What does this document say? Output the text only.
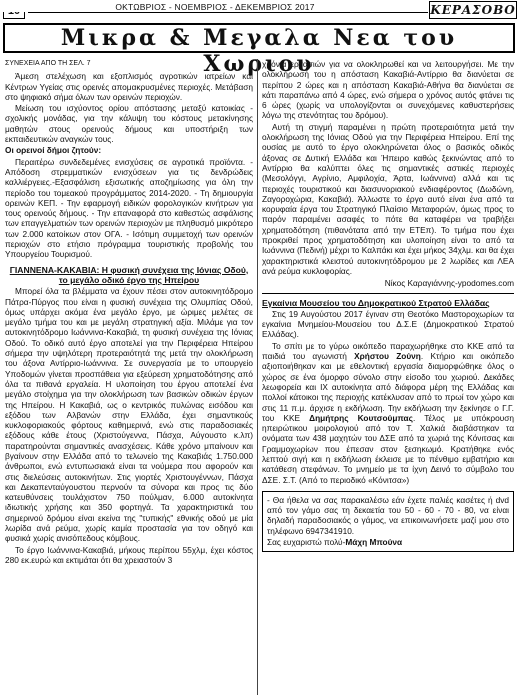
ΟΚΤΩΒΡΙΟΣ - ΝΟΕΜΒΡΙΟΣ - ΔΕΚΕΜΒΡΙΟΣ 2017	ΚΕΡΑΣΟΒΟ
Μικρα & Μεγαλα Νεα του Χωριου

ΣΥΝΕΧΕΙΑ ΑΠΟ ΤΗ ΣΕΛ. 7

Άμεση στελέχωση και εξοπλισμός αγροτικών ιατρείων και Κέντρων Υγείας στις ορεινές απομακρυσμένες περιοχές. Μετάβαση στο ψηφιακό σήμα όλων των ορεινών περιοχών.

Μείωση του ισχύοντος ορίου απόστασης μεταξύ κατοικίας - σχολικής μονάδας, για την κάλυψη του κόστους μετακίνησης μαθητών στους ορεινούς δήμους και υποστήριξη των εκπαιδευτικών αναγκών τους.

Οι ορεινοί δήμοι ζητούν:

Περαιτέρω συνδεδεμένες ενισχύσεις σε αγροτικά προϊόντα. - Απόδοση στρεμματικών ενισχύσεων για τις δενδρώδεις καλλιέργειες.-Εξασφάλιση εξισωτικής αποζημίωσης για όλη την περίοδο του τομεακού προγράμματος 2014-2020. - Τη δημιουργία ορεινών ΚΕΠ. - Την εφαρμογή ειδικών φορολογικών κινήτρων για τους ορεινούς δήμους. - Την επαναφορά στο καθεστώς ασφάλισης των επαγγελματιών των ορεινών περιοχών με πληθυσμό μικρότερο των 2.000 κατοίκων στον ΟΓΑ. - Ισότιμη συμμετοχή των ορεινών περιοχών στο ετήσιο πρόγραμμα τουριστικής προβολής του Υπουργείου Τουρισμού.

ΓΙΑΝΝΕΝΑ-ΚΑΚΑΒΙΑ: Η φυσική συνέχεια της Ιόνιας Οδού, το μεγάλο οδικό έργο της Ηπείρου

Μπορεί όλα τα βλέμματα να έχουν πέσει στον αυτοκινητόδρομο Πάτρα-Πύργος που είναι η φυσική συνέχεια της Ολυμπίας Οδού, όμως υπάρχει ακόμα ένα μεγάλο έργο, με ώριμες μελέτες σε μεγάλο τμήμα του και με μεγάλη στρατηγική αξία. Μιλάμε για τον αυτοκινητόδρομο Ιωάννινα-Κακαβιά, τη φυσική συνέχεια της Ιόνιας Οδού. Το οδικό αυτό έργο αποτελεί για την Περιφέρεια Ηπείρου σήμερα την υψηλότερη προτεραιότητά της μετά την ολοκλήρωση του άξονα Αντίρριο-Ιωάννινα. Σε συνεργασία με το υπουργείο Υποδομών γίνεται προσπάθεια για εξεύρεση χρηματοδότησης από όλα τα πιθανά εργαλεία. Η υλοποίηση του έργου αποτελεί ένα μεγάλο στοίχημα για την ολοκλήρωση των βασικών οδικών έργων της Ηπείρου. Η Κακαβιά, ως ο κεντρικός πυλώνας εισόδου και εξόδου των Αλβανών στην Ελλάδα, έχει σημαντικούς κυκλοφοριακούς φόρτους καθημερινά, ενώ στις παραδοσιακές εξόδους κάθε έτους (Χριστούγεννα, Πάσχα, Αύγουστο κ.λπ) παρατηρούνται σημαντικές ανασχέσεις. Κάθε χρόνο μπαίνουν και βγαίνουν στην Ελλάδα από το τελωνείο της Κακαβιάς 1.750.000 άνθρωποι, ενώ εντυπωσιακά είναι τα νούμερα που αφορούν και στις διελεύσεις αυτοκινήτων. Στις γιορτές Χριστουγέννων, Πάσχα και Δεκαπενταύγουστου περνούν τα σύνορα και προς τις δύο κατευθύνσεις τουλάχιστον 750 πούλμαν, 6.000 αυτοκίνητα ιδιωτικής χρήσης και 350 φορτηγά. Τα χαρακτηριστικά του σημερινού δρόμου είναι εκείνα της "τυπικής" εθνικής οδού με μία λωρίδα ανά ρεύμα, χωρίς καμία προστασία για τον οδηγό και φυσικά χωρίς ανισόπεδους κόμβους.

Το έργο Ιωάννινα-Κακαβιά, μήκους περίπου 55χλμ, έχει κόστος 280 εκ.ευρώ και εκτιμάται ότι θα χρειαστούν 3

χρόνια εργασιών για να ολοκληρωθεί και να λειτουργήσει. Με την ολοκλήρωσή του η απόσταση Κακαβιά-Αντίρριο θα διανύεται σε περίπου 2 ώρες και η απόσταση Κακαβιά-Αθήνα θα διανύεται σε κάτι παραπάνω από 4 ώρες, ενώ σήμερα ο χρόνος αυτός φτάνει τις 6 ώρες (χωρίς να υπολογίζονται οι συνεχόμενες καθυστερήσεις λόγω της στενότητας του δρόμου).

Αυτή τη στιγμή παραμένει η πρώτη προτεραιότητα μετά την ολοκλήρωση της Ιόνιας Οδού για την Περιφέρεια Ηπείρου. Επί της ουσίας με αυτό το έργο ολοκληρώνεται όλος ο βασικός οδικός άξονας σε Δυτική Ελλάδα και Ήπειρο καθώς ξεκινώντας από το Αντίρριο θα καλύπτει όλες τις σημαντικές αστικές περιοχές (Μεσολόγγι, Αγρίνιο, Αμφιλοχία, Άρτα, Ιωάννινα) αλλά και τις περιοχές τουριστικού και διασυνοριακού ενδιαφέροντος (Δωδώνη, Ζαγοροχώρια, Κακαβιά). Άλλωστε το έργο αυτό είναι ένα από τα κορυφαία έργα του Στρατηγικό Πλαίσιο Μεταφορών, όμως προς το παρόν παραμένει ασαφές το πότε θα καταφέρει να τραβήξει χρηματοδότηση (πιθανότατα από την ΕΤΕπ). Το τμήμα που έχει προκριθεί προς χρηματοδότηση και υλοποίηση είναι το από τα Ιωάννινα (Πεδινή) μέχρι το Καλπάκι και έχει μήκος 34χλμ. και θα έχει χαρακτηριστικά κλειστού αυτοκινητόδρομου με 2 λωρίδες και ΛΕΑ ανά ρεύμα κυκλοφορίας.

Νίκος Καραγιάννης-ypodomes.com

Εγκαίνια Μουσείου του Δημοκρατικού Στρατού Ελλάδας

Στις 19 Αυγούστου 2017 έγιναν στη Θεοτόκο Μαστοροχωρίων τα εγκαίνια Μνημείου-Μουσείου του Δ.Σ.Ε (Δημοκρατικού Στρατού Ελλάδας).

Το σπίτι με το γύρω οικόπεδο παραχωρήθηκε στο ΚΚΕ από τα παιδιά του αγωνιστή Χρήστου Ζούνη. Κτήριο και οικόπεδο αξιοποιήθηκαν και με εθελοντική εργασία διαμορφώθηκε όλος ο χώρος σε ένα όμορφο σύνολο στην είσοδο του χωριού. Δεκάδες λεωφορεία και ΙΧ αυτοκίνητα από διάφορα μέρη της Ελλάδας και πολλοί κάτοικοι της περιοχής κατέκλυσαν από το πρωί τον χώρο και στις 11 π.μ. άρχισε η εκδήλωση. Την εκδήλωση την ξεκίνησε ο Γ.Γ. του ΚΚΕ Δημήτρης Κουτσούμπας. Τέλος με υπόκρουση ηπειρώτικου μοιρολογιού από τον Τ. Χαλκιά διαβάστηκαν τα ονόματα των 438 μαχητών του ΔΣΕ από τα χωριά της Κόνιτσας και Γραμμοχωρίων που έπεσαν στον ξεσηκωμό. Κρατήθηκε ενός λεπτού σιγή και η εκδήλωση έκλεισε με το πένθιμο εμβατήριο και κατάθεση στεφάνων. Το μνημείο με τα ίχνη Δεινό το σύμβολο του ΔΣΕ. Σ.Τ. (Από το περιοδικό «Κόνιτσα»)

- Θα ήθελα να σας παρακαλέσω εάν έχετε παλιές κασέτες ή dvd από τον γάμο σας τη δεκαετία του 50 - 60 - 70 - 80, να είναι δηλαδή παραδοσιακός ο γάμος, να επικοινωνήσετε μαζί μου στο τηλέφωνο 6947341910.

Σας ευχαριστώ πολύ-Μάχη Μπούνα
